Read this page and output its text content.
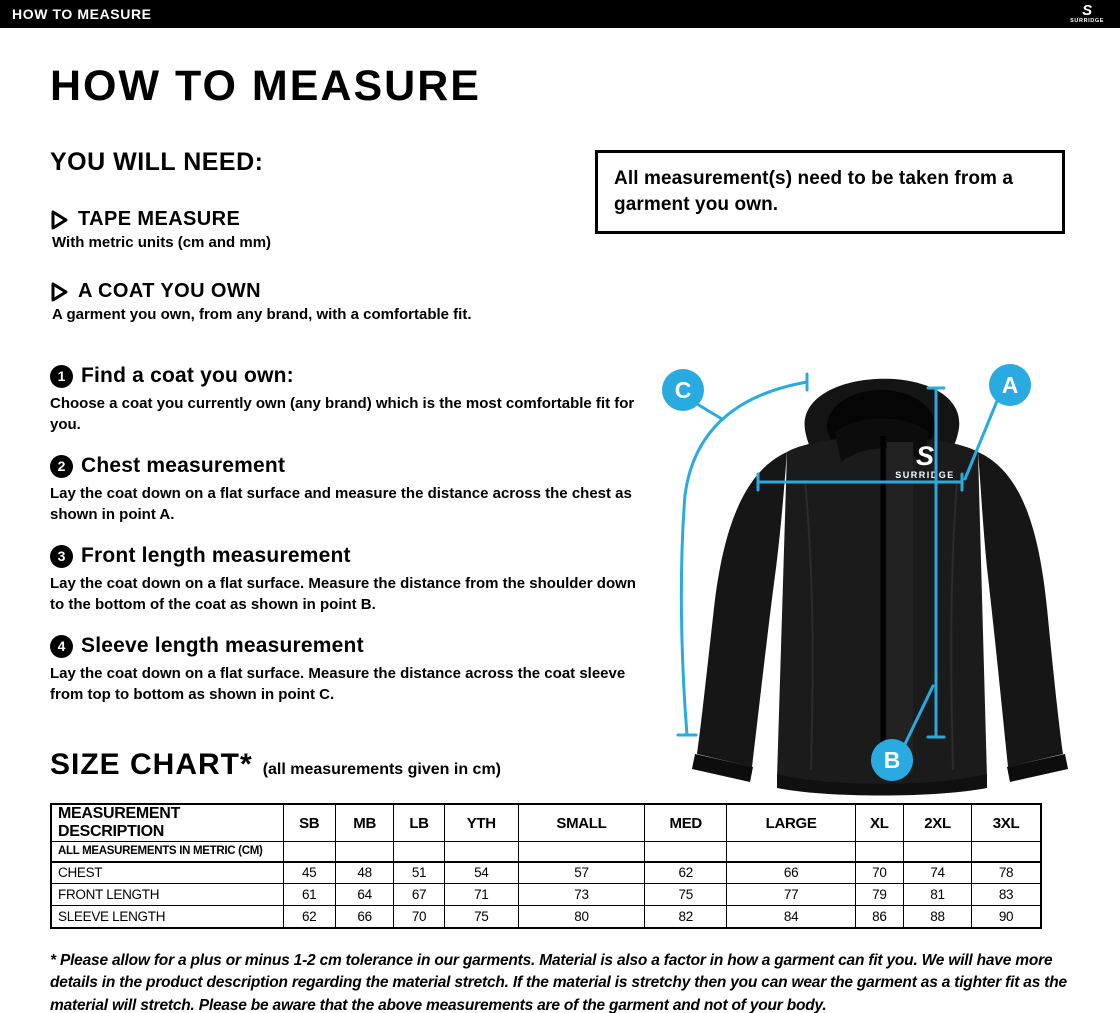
HOW TO MEASURE	S
SURRIDGE
HOW TO MEASURE
YOU WILL NEED:

All measurement(s) need to be taken from a garment you own.

TAPE MEASURE
With metric units (cm and mm)
A COAT YOU OWN
A garment you own, from any brand, with a comfortable fit.
1 Find a coat you own:
Choose a coat you currently own (any brand) which is the most comfortable fit for you.
2 Chest measurement
Lay the coat down on a flat surface and measure the distance across the chest as shown in point A.
3 Front length measurement
Lay the coat down on a flat surface. Measure the distance from the shoulder down to the bottom of the coat as shown in point B.
4 Sleeve length measurement
Lay the coat down on a flat surface. Measure the distance across the coat sleeve from top to bottom as shown in point C.
S
SURRIDGE
A
B
C
SIZE CHART* (all measurements given in cm)
MEASUREMENT DESCRIPTION	SB	MB	LB	YTH	SMALL	MED	LARGE	XL	2XL	3XL
ALL MEASUREMENTS IN METRIC (CM)										
CHEST	45	48	51	54	57	62	66	70	74	78
FRONT LENGTH	61	64	67	71	73	75	77	79	81	83
SLEEVE LENGTH	62	66	70	75	80	82	84	86	88	90

* Please allow for a plus or minus 1-2 cm tolerance in our garments. Material is also a factor in how a garment can fit you. We will have more details in the product description regarding the material stretch. If the material is stretchy then you can wear the garment as a tighter fit as the material will stretch. Please be aware that the above measurements are of the garment and not of your body.
